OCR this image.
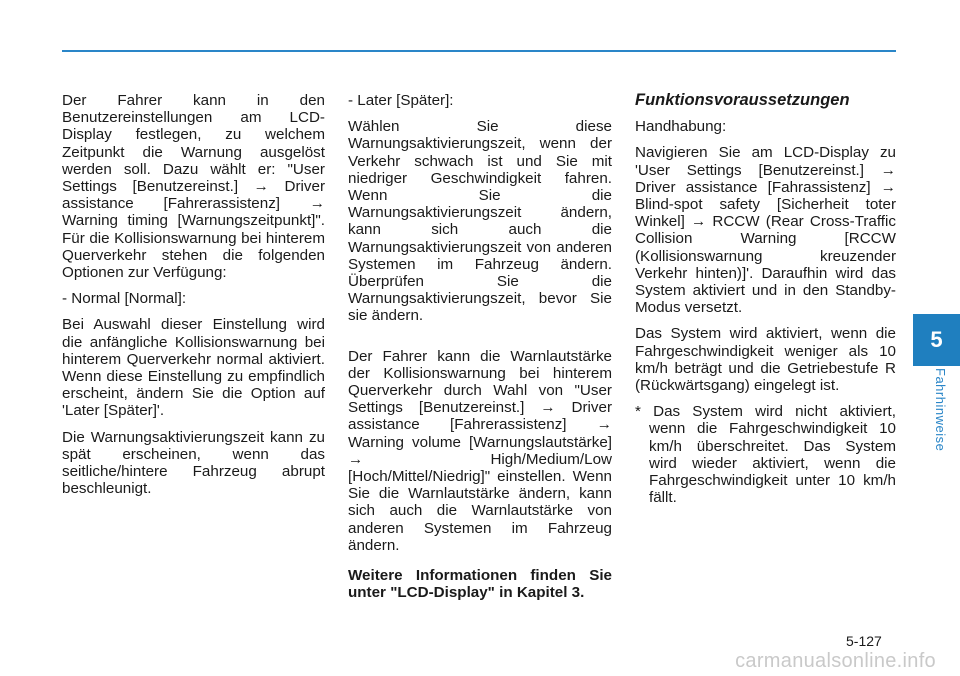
Der Fahrer kann in den Benutzereinstellungen am LCD-Display festlegen, zu welchem Zeitpunkt die Warnung ausgelöst werden soll. Dazu wählt er: "User Settings [Benutzereinst.] → Driver assistance [Fahrerassistenz] → Warning timing [Warnungszeitpunkt]". Für die Kollisionswarnung bei hinterem Querverkehr stehen die folgenden Optionen zur Verfügung:

- Normal [Normal]:

Bei Auswahl dieser Einstellung wird die anfängliche Kollisionswarnung bei hinterem Querverkehr normal aktiviert. Wenn diese Einstellung zu empfindlich erscheint, ändern Sie die Option auf 'Later [Später]'.

Die Warnungsaktivierungszeit kann zu spät erscheinen, wenn das seitliche/hintere Fahrzeug abrupt beschleunigt.

- Later [Später]:

Wählen Sie diese Warnungsaktivierungszeit, wenn der Verkehr schwach ist und Sie mit niedriger Geschwindigkeit fahren. Wenn Sie die Warnungsaktivierungszeit ändern, kann sich auch die Warnungsaktivierungszeit von anderen Systemen im Fahrzeug ändern. Überprüfen Sie die Warnungsaktivierungszeit, bevor Sie sie ändern.

Der Fahrer kann die Warnlautstärke der Kollisionswarnung bei hinterem Querverkehr durch Wahl von "User Settings [Benutzereinst.] → Driver assistance [Fahrerassistenz] → Warning volume [Warnungslautstärke] → High/Medium/Low [Hoch/Mittel/Niedrig]" einstellen. Wenn Sie die Warnlautstärke ändern, kann sich auch die Warnlautstärke von anderen Systemen im Fahrzeug ändern.

Weitere Informationen finden Sie unter "LCD-Display" in Kapitel 3.

Funktionsvoraussetzungen

Handhabung:

Navigieren Sie am LCD-Display zu 'User Settings [Benutzereinst.] → Driver assistance [Fahrassistenz] → Blind-spot safety [Sicherheit toter Winkel] → RCCW (Rear Cross-Traffic Collision Warning [RCCW (Kollisionswarnung kreuzender Verkehr hinten)]'. Daraufhin wird das System aktiviert und in den Standby-Modus versetzt.

Das System wird aktiviert, wenn die Fahrgeschwindigkeit weniger als 10 km/h beträgt und die Getriebestufe R (Rückwärtsgang) eingelegt ist.

* Das System wird nicht aktiviert, wenn die Fahrgeschwindigkeit 10 km/h überschreitet. Das System wird wieder aktiviert, wenn die Fahrgeschwindigkeit unter 10 km/h fällt.

5
Fahrhinweise
5-127
carmanualsonline.info
